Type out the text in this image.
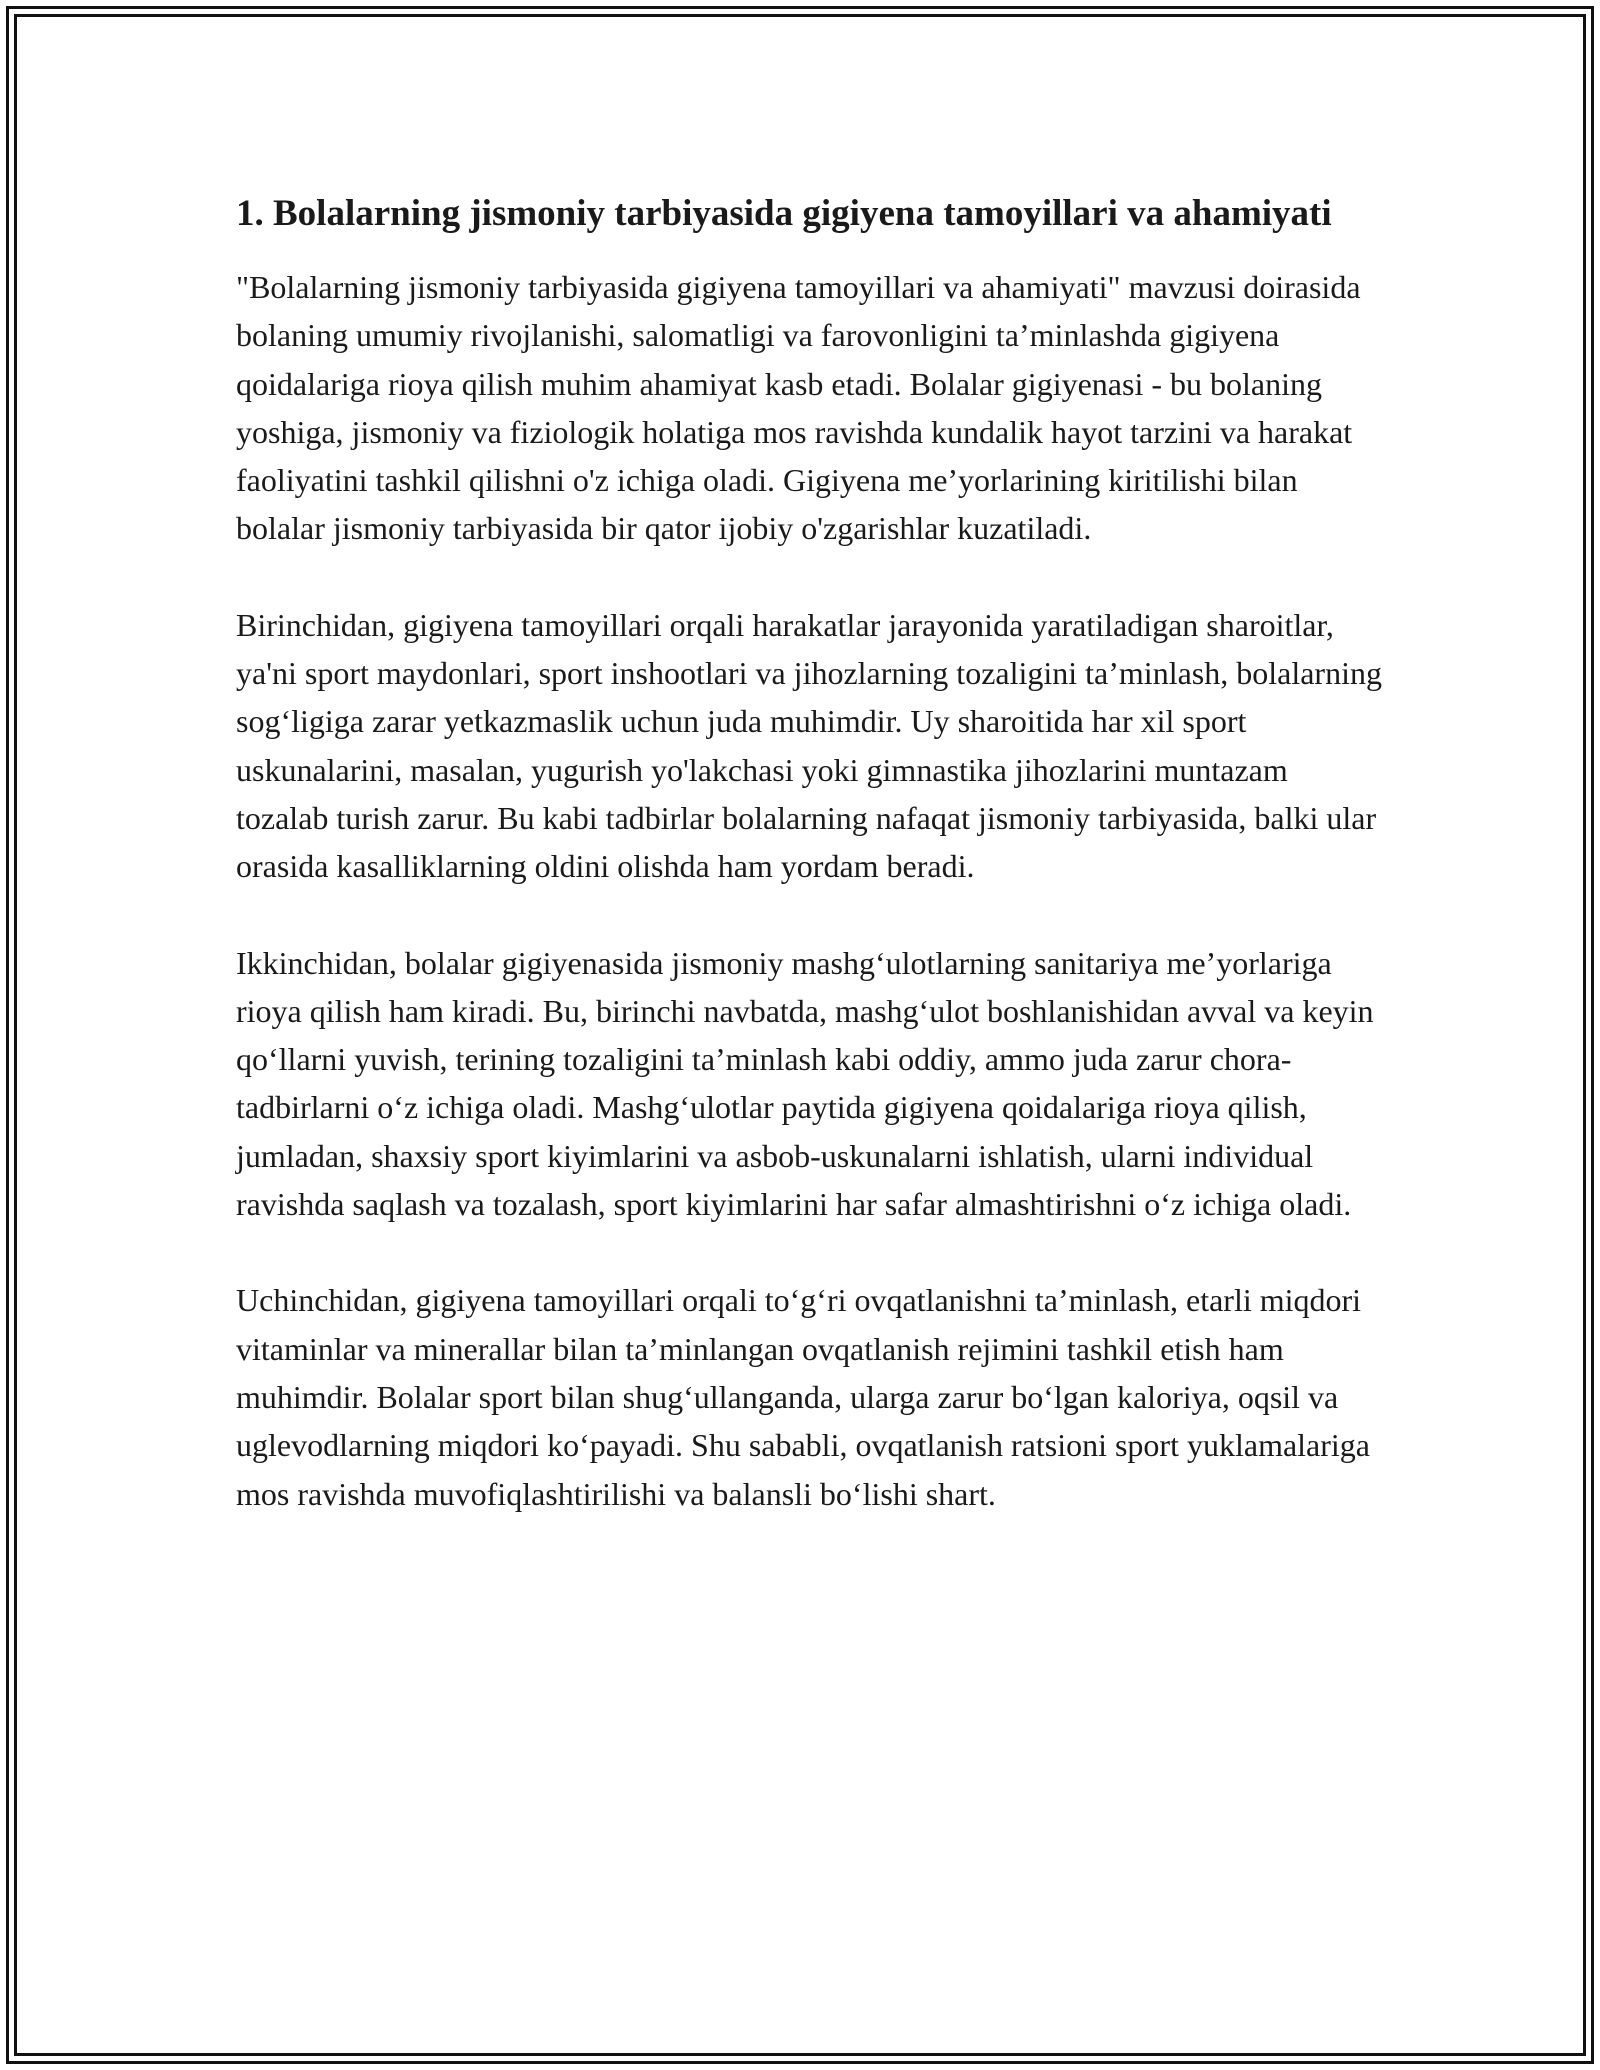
1. Bolalarning jismoniy tarbiyasida gigiyena tamoyillari va ahamiyati

"Bolalarning jismoniy tarbiyasida gigiyena tamoyillari va ahamiyati" mavzusi doirasida bolaning umumiy rivojlanishi, salomatligi va farovonligini ta’minlashda gigiyena qoidalariga rioya qilish muhim ahamiyat kasb etadi. Bolalar gigiyenasi - bu bolaning yoshiga, jismoniy va fiziologik holatiga mos ravishda kundalik hayot tarzini va harakat faoliyatini tashkil qilishni o'z ichiga oladi. Gigiyena me’yorlarining kiritilishi bilan bolalar jismoniy tarbiyasida bir qator ijobiy o'zgarishlar kuzatiladi.

Birinchidan, gigiyena tamoyillari orqali harakatlar jarayonida yaratiladigan sharoitlar, ya'ni sport maydonlari, sport inshootlari va jihozlarning tozaligini ta’minlash, bolalarning sog‘ligiga zarar yetkazmaslik uchun juda muhimdir. Uy sharoitida har xil sport uskunalarini, masalan, yugurish yo'lakchasi yoki gimnastika jihozlarini muntazam tozalab turish zarur. Bu kabi tadbirlar bolalarning nafaqat jismoniy tarbiyasida, balki ular orasida kasalliklarning oldini olishda ham yordam beradi.

Ikkinchidan, bolalar gigiyenasida jismoniy mashg‘ulotlarning sanitariya me’yorlariga rioya qilish ham kiradi. Bu, birinchi navbatda, mashg‘ulot boshlanishidan avval va keyin qo‘llarni yuvish, terining tozaligini ta’minlash kabi oddiy, ammo juda zarur chora-tadbirlarni o‘z ichiga oladi. Mashg‘ulotlar paytida gigiyena qoidalariga rioya qilish, jumladan, shaxsiy sport kiyimlarini va asbob-uskunalarni ishlatish, ularni individual ravishda saqlash va tozalash, sport kiyimlarini har safar almashtirishni o‘z ichiga oladi.

Uchinchidan, gigiyena tamoyillari orqali to‘g‘ri ovqatlanishni ta’minlash, etarli miqdori vitaminlar va minerallar bilan ta’minlangan ovqatlanish rejimini tashkil etish ham muhimdir. Bolalar sport bilan shug‘ullanganda, ularga zarur bo‘lgan kaloriya, oqsil va uglevodlarning miqdori ko‘payadi. Shu sababli, ovqatlanish ratsioni sport yuklamalariga mos ravishda muvofiqlashtirilishi va balansli bo‘lishi shart.
